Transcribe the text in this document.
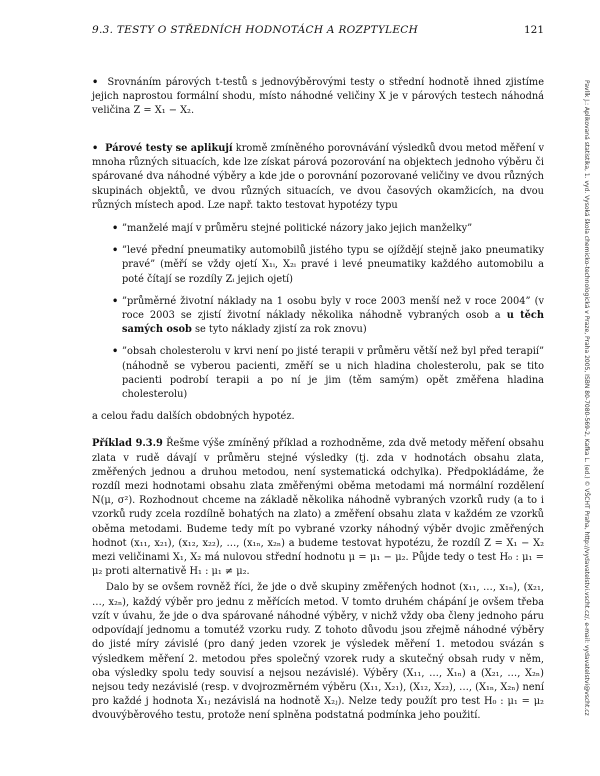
9.3. TESTY O STŘEDNÍCH HODNOTÁCH A ROZPTYLECH	121

•  Srovnáním párových t-testů s jednovýběrovými testy o střední hodnotě ihned zjistíme jejich naprostou formální shodu, místo náhodné veličiny X je v párových testech náhodná veličina Z = X₁ − X₂.

•  Párové testy se aplikují kromě zmíněného porovnávání výsledků dvou metod měření v mnoha různých situacích, kde lze získat párová pozorování na objektech jednoho výběru či spárované dva náhodné výběry a kde jde o porovnání pozorované veličiny ve dvou různých skupinách objektů, ve dvou různých situacích, ve dvou časových okamžicích, na dvou různých místech apod. Lze např. takto testovat hypotézy typu

• ”manželé mají v průměru stejné politické názory jako jejich manželky”
• ”levé přední pneumatiky automobilů jistého typu se ojíždějí stejně jako pneumatiky pravé” (měří se vždy ojetí X₁ᵢ, X₂ᵢ pravé i levé pneumatiky každého automobilu a poté čítají se rozdíly Zᵢ jejich ojetí)
• ”průměrné životní náklady na 1 osobu byly v roce 2003 menší než v roce 2004” (v roce 2003 se zjistí životní náklady několika náhodně vybraných osob a u těch samých osob se tyto náklady zjistí za rok znovu)
• ”obsah cholesterolu v krvi není po jisté terapii v průměru větší než byl před terapií” (náhodně se vyberou pacienti, změří se u nich hladina cholesterolu, pak se tito pacienti podrobí terapii a po ní je jim (těm samým) opět změřena hladina cholesterolu)

a celou řadu dalších obdobných hypotéz.

Příklad 9.3.9 Řešme výše zmíněný příklad a rozhodněme, zda dvě metody měření obsahu zlata v rudě dávají v průměru stejné výsledky (tj. zda v hodnotách obsahu zlata, změřených jednou a druhou metodou, není systematická odchylka). Předpokládáme, že rozdíl mezi hodnotami obsahu zlata změřenými oběma metodami má normální rozdělení N(μ, σ²). Rozhodnout chceme na základě několika náhodně vybraných vzorků rudy (a to i vzorků rudy zcela rozdílně bohatých na zlato) a změření obsahu zlata v každém ze vzorků oběma metodami. Budeme tedy mít po vybrané vzorky náhodný výběr dvojic změřených hodnot (x₁₁, x₂₁), (x₁₂, x₂₂), …, (x₁ₙ, x₂ₙ) a budeme testovat hypotézu, že rozdíl Z = X₁ − X₂ mezi veličinami X₁, X₂ má nulovou střední hodnotu μ = μ₁ − μ₂. Půjde tedy o test H₀ : μ₁ = μ₂ proti alternativě H₁ : μ₁ ≠ μ₂.

Dalo by se ovšem rovněž říci, že jde o dvě skupiny změřených hodnot (x₁₁, …, x₁ₙ), (x₂₁, …, x₂ₙ), každý výběr pro jednu z měřících metod. V tomto druhém chápání je ovšem třeba vzít v úvahu, že jde o dva spárované náhodné výběry, v nichž vždy oba členy jednoho páru odpovídají jednomu a tomutéž vzorku rudy. Z tohoto důvodu jsou zřejmě náhodné výběry do jisté míry závislé (pro daný jeden vzorek je výsledek měření 1. metodou svázán s výsledkem měření 2. metodou přes společný vzorek rudy a skutečný obsah rudy v něm, oba výsledky spolu tedy souvisí a nejsou nezávislé). Výběry (X₁₁, …, X₁ₙ) a (X₂₁, …, X₂ₙ) nejsou tedy nezávislé (resp. v dvojrozměrném výběru (X₁₁, X₂₁), (X₁₂, X₂₂), …, (X₁ₙ, X₂ₙ) není pro každé j hodnota X₁ⱼ nezávislá na hodnotě X₂ⱼ). Nelze tedy použít pro test H₀ : μ₁ = μ₂ dvouvýběrového testu, protože není splněna podstatná podmínka jeho použití.

Pavlík J.: Aplikovaná statistika, 1. vyd. Vysoká škola chemicko-technologická v Praze, Praha 2005, ISBN 80-7080-569-2, Kafka L. (ed.) © VŠCHT Praha, http://vydavatelstvi.vscht.cz/, e-mail: vydavatelstvi@vscht.cz
